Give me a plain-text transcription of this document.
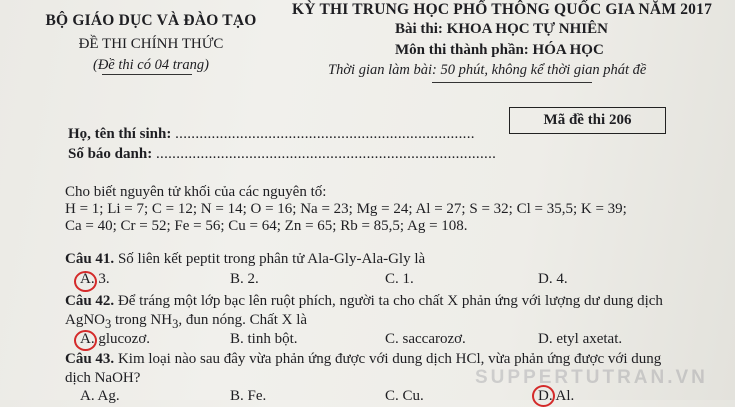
BỘ GIÁO DỤC VÀ ĐÀO TẠO
ĐỀ THI CHÍNH THỨC
(Đề thi có 04 trang)
KỲ THI TRUNG HỌC PHỔ THÔNG QUỐC GIA NĂM 2017
Bài thi: KHOA HỌC TỰ NHIÊN
Môn thi thành phần: HÓA HỌC
Thời gian làm bài: 50 phút, không kể thời gian phát đề
Mã đề thi 206
Họ, tên thí sinh: ..........................................................................
Số báo danh: ....................................................................................
Cho biết nguyên tử khối của các nguyên tố:
H = 1; Li = 7; C = 12; N = 14; O = 16; Na = 23; Mg = 24; Al = 27; S = 32; Cl = 35,5; K = 39;
Ca = 40; Cr = 52; Fe = 56; Cu = 64; Zn = 65; Rb = 85,5; Ag = 108.
Câu 41. Số liên kết peptit trong phân tử Ala-Gly-Ala-Gly là
A. 3.	B. 2.	C. 1.	D. 4.
Câu 42. Để tráng một lớp bạc lên ruột phích, người ta cho chất X phản ứng với lượng dư dung dịch
AgNO$_3$ trong $NH_3$, đun nóng. Chất X là
A. glucozơ.	B. tinh bột.	C. saccarozơ.	D. etyl axetat.
Câu 43. Kim loại nào sau đây vừa phản ứng được với dung dịch HCl, vừa phản ứng được với dung
dịch NaOH?
A. Ag.	B. Fe.	C. Cu.	D. Al.
SUPPERTUTRAN.VN
